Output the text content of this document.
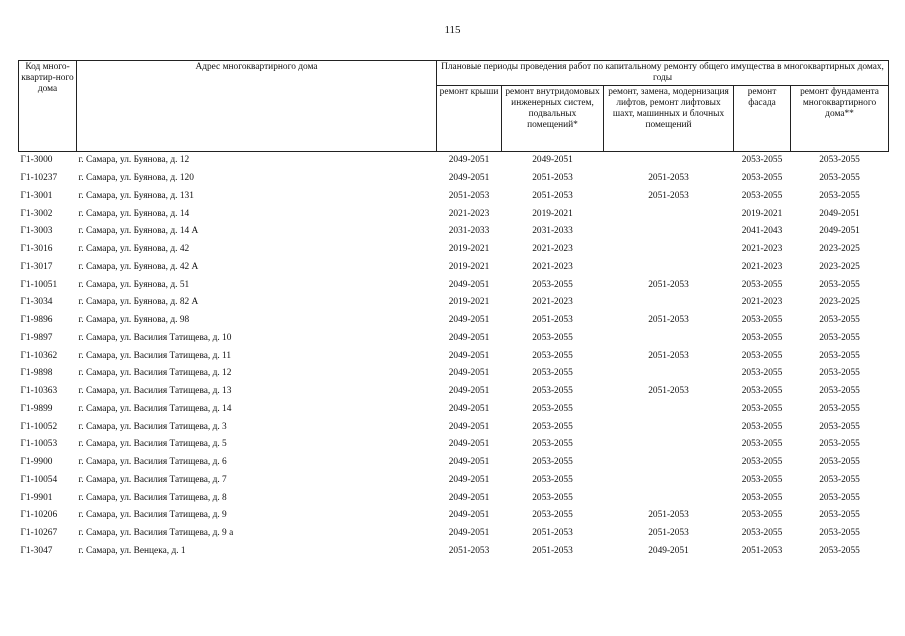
115
Код много-квартир-ного дома	Адрес многоквартирного дома	Плановые периоды проведения работ по капитальному ремонту общего имущества в многоквартирных домах, годы				
		ремонт крыши	ремонт внутридомовых инженерных систем, подвальных помещений*	ремонт, замена, модернизация лифтов, ремонт лифтовых шахт, машинных и блочных помещений	ремонт фасада	ремонт фундамента многоквартирного дома**
Г1-3000	г. Самара, ул. Буянова, д. 12	2049-2051	2049-2051		2053-2055	2053-2055
Г1-10237	г. Самара, ул. Буянова, д. 120	2049-2051	2051-2053	2051-2053	2053-2055	2053-2055
Г1-3001	г. Самара, ул. Буянова, д. 131	2051-2053	2051-2053	2051-2053	2053-2055	2053-2055
Г1-3002	г. Самара, ул. Буянова, д. 14	2021-2023	2019-2021		2019-2021	2049-2051
Г1-3003	г. Самара, ул. Буянова, д. 14 А	2031-2033	2031-2033		2041-2043	2049-2051
Г1-3016	г. Самара, ул. Буянова, д. 42	2019-2021	2021-2023		2021-2023	2023-2025
Г1-3017	г. Самара, ул. Буянова, д. 42 А	2019-2021	2021-2023		2021-2023	2023-2025
Г1-10051	г. Самара, ул. Буянова, д. 51	2049-2051	2053-2055	2051-2053	2053-2055	2053-2055
Г1-3034	г. Самара, ул. Буянова, д. 82 А	2019-2021	2021-2023		2021-2023	2023-2025
Г1-9896	г. Самара, ул. Буянова, д. 98	2049-2051	2051-2053	2051-2053	2053-2055	2053-2055
Г1-9897	г. Самара, ул. Василия Татищева, д. 10	2049-2051	2053-2055		2053-2055	2053-2055
Г1-10362	г. Самара, ул. Василия Татищева, д. 11	2049-2051	2053-2055	2051-2053	2053-2055	2053-2055
Г1-9898	г. Самара, ул. Василия Татищева, д. 12	2049-2051	2053-2055		2053-2055	2053-2055
Г1-10363	г. Самара, ул. Василия Татищева, д. 13	2049-2051	2053-2055	2051-2053	2053-2055	2053-2055
Г1-9899	г. Самара, ул. Василия Татищева, д. 14	2049-2051	2053-2055		2053-2055	2053-2055
Г1-10052	г. Самара, ул. Василия Татищева, д. 3	2049-2051	2053-2055		2053-2055	2053-2055
Г1-10053	г. Самара, ул. Василия Татищева, д. 5	2049-2051	2053-2055		2053-2055	2053-2055
Г1-9900	г. Самара, ул. Василия Татищева, д. 6	2049-2051	2053-2055		2053-2055	2053-2055
Г1-10054	г. Самара, ул. Василия Татищева, д. 7	2049-2051	2053-2055		2053-2055	2053-2055
Г1-9901	г. Самара, ул. Василия Татищева, д. 8	2049-2051	2053-2055		2053-2055	2053-2055
Г1-10206	г. Самара, ул. Василия Татищева, д. 9	2049-2051	2053-2055	2051-2053	2053-2055	2053-2055
Г1-10267	г. Самара, ул. Василия Татищева, д. 9 а	2049-2051	2051-2053	2051-2053	2053-2055	2053-2055
Г1-3047	г. Самара, ул. Венцека, д. 1	2051-2053	2051-2053	2049-2051	2051-2053	2053-2055
